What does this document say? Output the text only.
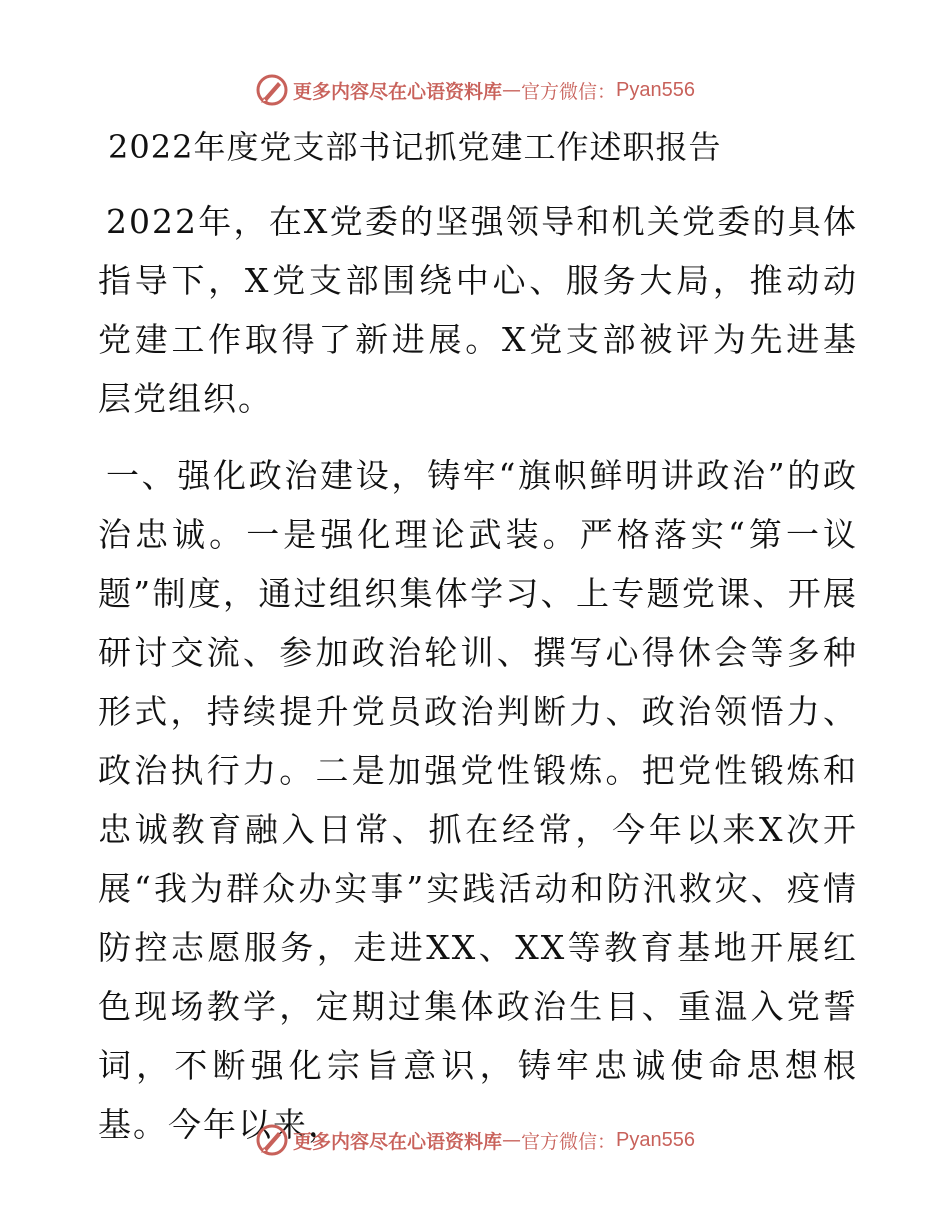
更多内容尽在心语资料库 — 官方微信： Pyan556
2022年度党支部书记抓党建工作述职报告

2022年，在X党委的坚强领导和机关党委的具体指导下，X党支部围绕中心、服务大局，推动动党建工作取得了新进展。X党支部被评为先进基层党组织。

一、强化政治建设，铸牢“旗帜鲜明讲政治”的政治忠诚。一是强化理论武装。严格落实“第一议题”制度，通过组织集体学习、上专题党课、开展研讨交流、参加政治轮训、撰写心得休会等多种形式，持续提升党员政治判断力、政治领悟力、政治执行力。二是加强党性锻炼。把党性锻炼和忠诚教育融入日常、抓在经常，今年以来X次开展“我为群众办实事”实践活动和防汛救灾、疫情防控志愿服务，走进XX、XX等教育基地开展红色现场教学，定期过集体政治生目、重温入党誓词，不断强化宗旨意识，铸牢忠诚使命思想根基。今年以来，

更多内容尽在心语资料库 — 官方微信： Pyan556
